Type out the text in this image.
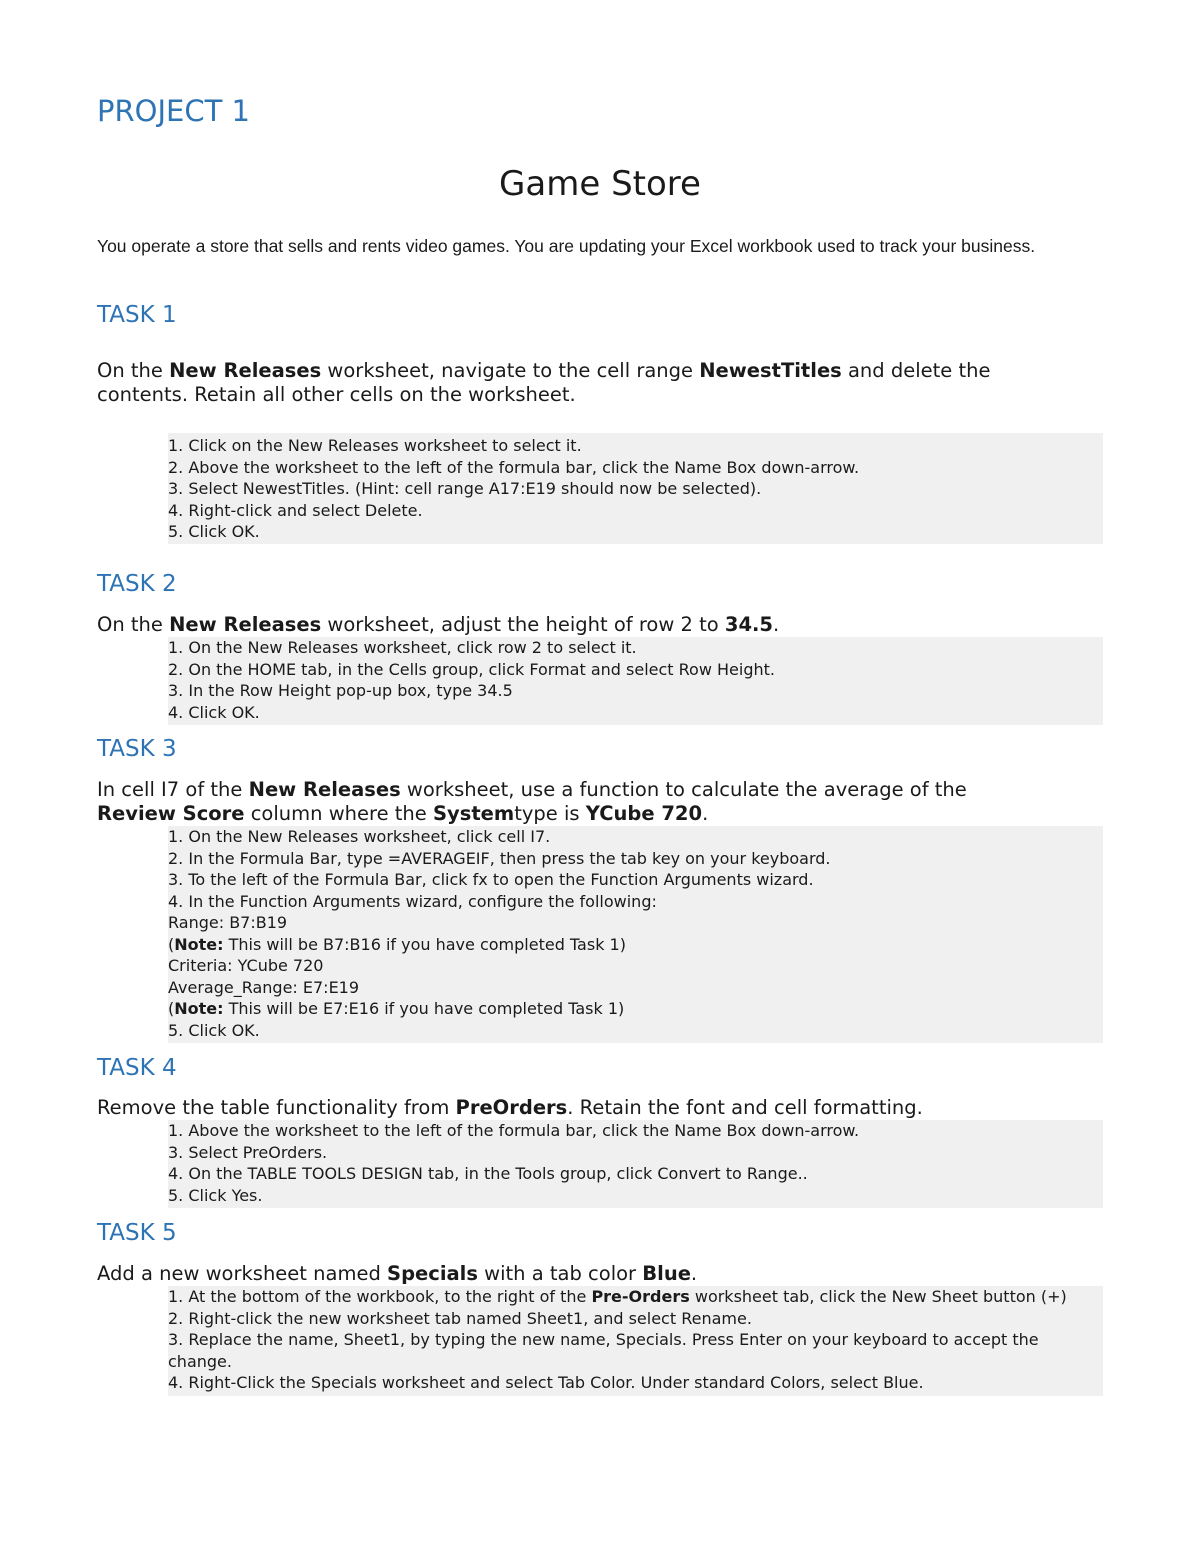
PROJECT 1
Game Store

You operate a store that sells and rents video games. You are updating your Excel workbook used to track your business.

TASK 1

On the New Releases worksheet, navigate to the cell range NewestTitles and delete the contents. Retain all other cells on the worksheet.

1. Click on the New Releases worksheet to select it.
2. Above the worksheet to the left of the formula bar, click the Name Box down-arrow.
3. Select NewestTitles. (Hint: cell range A17:E19 should now be selected).
4. Right-click and select Delete.
5. Click OK.
TASK 2

On the New Releases worksheet, adjust the height of row 2 to 34.5.

1. On the New Releases worksheet, click row 2 to select it.
2. On the HOME tab, in the Cells group, click Format and select Row Height.
3. In the Row Height pop-up box, type 34.5
4. Click OK.
TASK 3

In cell I7 of the New Releases worksheet, use a function to calculate the average of the Review Score column where the Systemtype is YCube 720.

1. On the New Releases worksheet, click cell I7.
2. In the Formula Bar, type =AVERAGEIF, then press the tab key on your keyboard.
3. To the left of the Formula Bar, click fx to open the Function Arguments wizard.
4. In the Function Arguments wizard, configure the following:
Range: B7:B19
(Note: This will be B7:B16 if you have completed Task 1)
Criteria: YCube 720
Average_Range: E7:E19
(Note: This will be E7:E16 if you have completed Task 1)
5. Click OK.
TASK 4

Remove the table functionality from PreOrders. Retain the font and cell formatting.

1. Above the worksheet to the left of the formula bar, click the Name Box down-arrow.
3. Select PreOrders.
4. On the TABLE TOOLS DESIGN tab, in the Tools group, click Convert to Range..
5. Click Yes.
TASK 5

Add a new worksheet named Specials with a tab color Blue.

1. At the bottom of the workbook, to the right of the Pre-Orders worksheet tab, click the New Sheet button (+)
2. Right-click the new worksheet tab named Sheet1, and select Rename.
3. Replace the name, Sheet1, by typing the new name, Specials. Press Enter on your keyboard to accept the change.
4. Right-Click the Specials worksheet and select Tab Color. Under standard Colors, select Blue.
